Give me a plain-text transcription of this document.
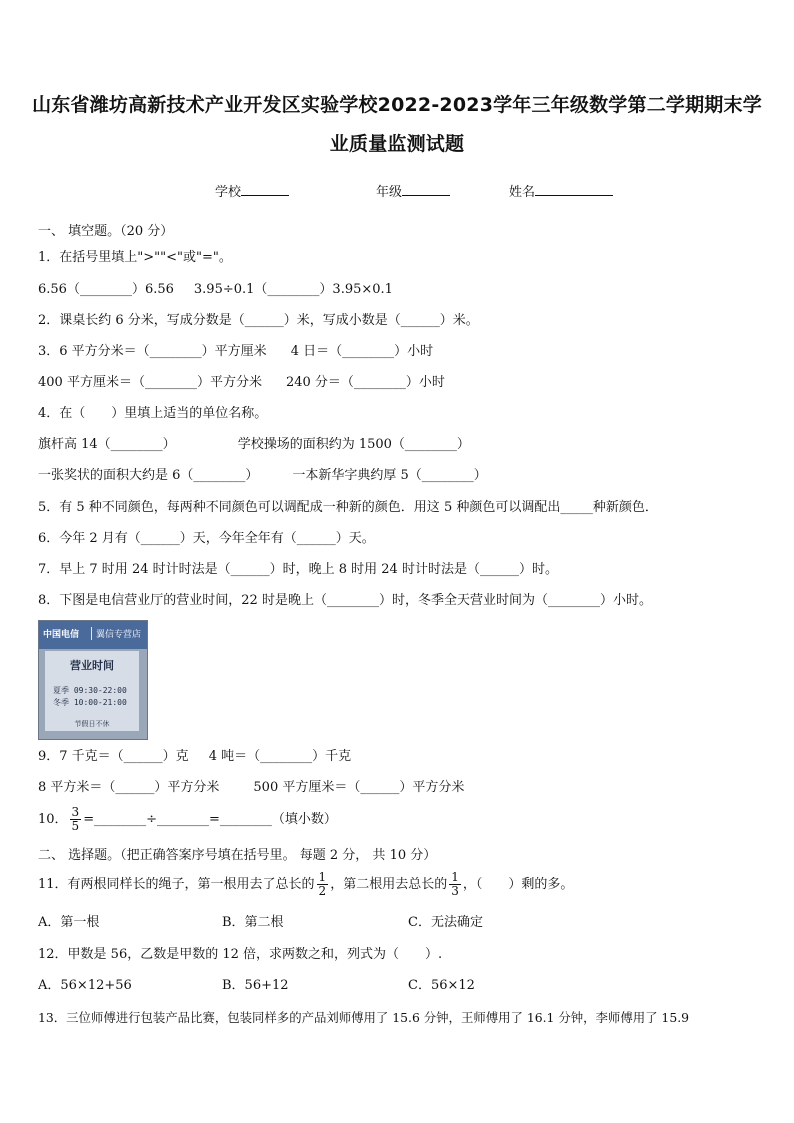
山东省潍坊高新技术产业开发区实验学校2022-2023学年三年级数学第二学期期末学
业质量监测试题
学校	年级	姓名
一、 填空题。（20 分）
1．在括号里填上">""<"或"="。
6.56（________）6.56 3.95÷0.1（________）3.95×0.1
2．课桌长约 6 分米，写成分数是（______）米，写成小数是（______）米。
3．6 平方分米＝（________）平方厘米 4 日＝（________）小时
400 平方厘米＝（________）平方分米 240 分＝（________）小时
4．在（　　）里填上适当的单位名称。
旗杆高 14（________）	学校操场的面积约为 1500（________）
一张奖状的面积大约是 6（________）	一本新华字典约厚 5（________）
5．有 5 种不同颜色，每两种不同颜色可以调配成一种新的颜色．用这 5 种颜色可以调配出_____种新颜色．
6．今年 2 月有（______）天，今年全年有（______）天。
7．早上 7 时用 24 时计时法是（______）时，晚上 8 时用 24 时计时法是（______）时。
8．下图是电信营业厅的营业时间，22 时是晚上（________）时，冬季全天营业时间为（________）小时。
中国电信	翼信专营店
营业时间
夏季 09:30-22:00
冬季 10:00-21:00
节假日不休
9．7 千克＝（______）克 4 吨＝（________）千克
8 平方米＝（______）平方分米	500 平方厘米＝（______）平方分米
10． $\frac{3}{5}$ =________÷________=________（填小数）
二、 选择题。（把正确答案序号填在括号里。 每题 2 分， 共 10 分）
11．有两根同样长的绳子，第一根用去了总长的 $\frac{1}{2}$ ，第二根用去总长的 $\frac{1}{3}$ ，（　　）剩的多。
A．第一根	B．第二根	C．无法确定
12．甲数是 56，乙数是甲数的 12 倍，求两数之和，列式为（　　）.
A．56×12+56	B．56+12	C．56×12
13．三位师傅进行包装产品比赛，包装同样多的产品刘师傅用了 15.6 分钟，王师傅用了 16.1 分钟，李师傅用了 15.9
